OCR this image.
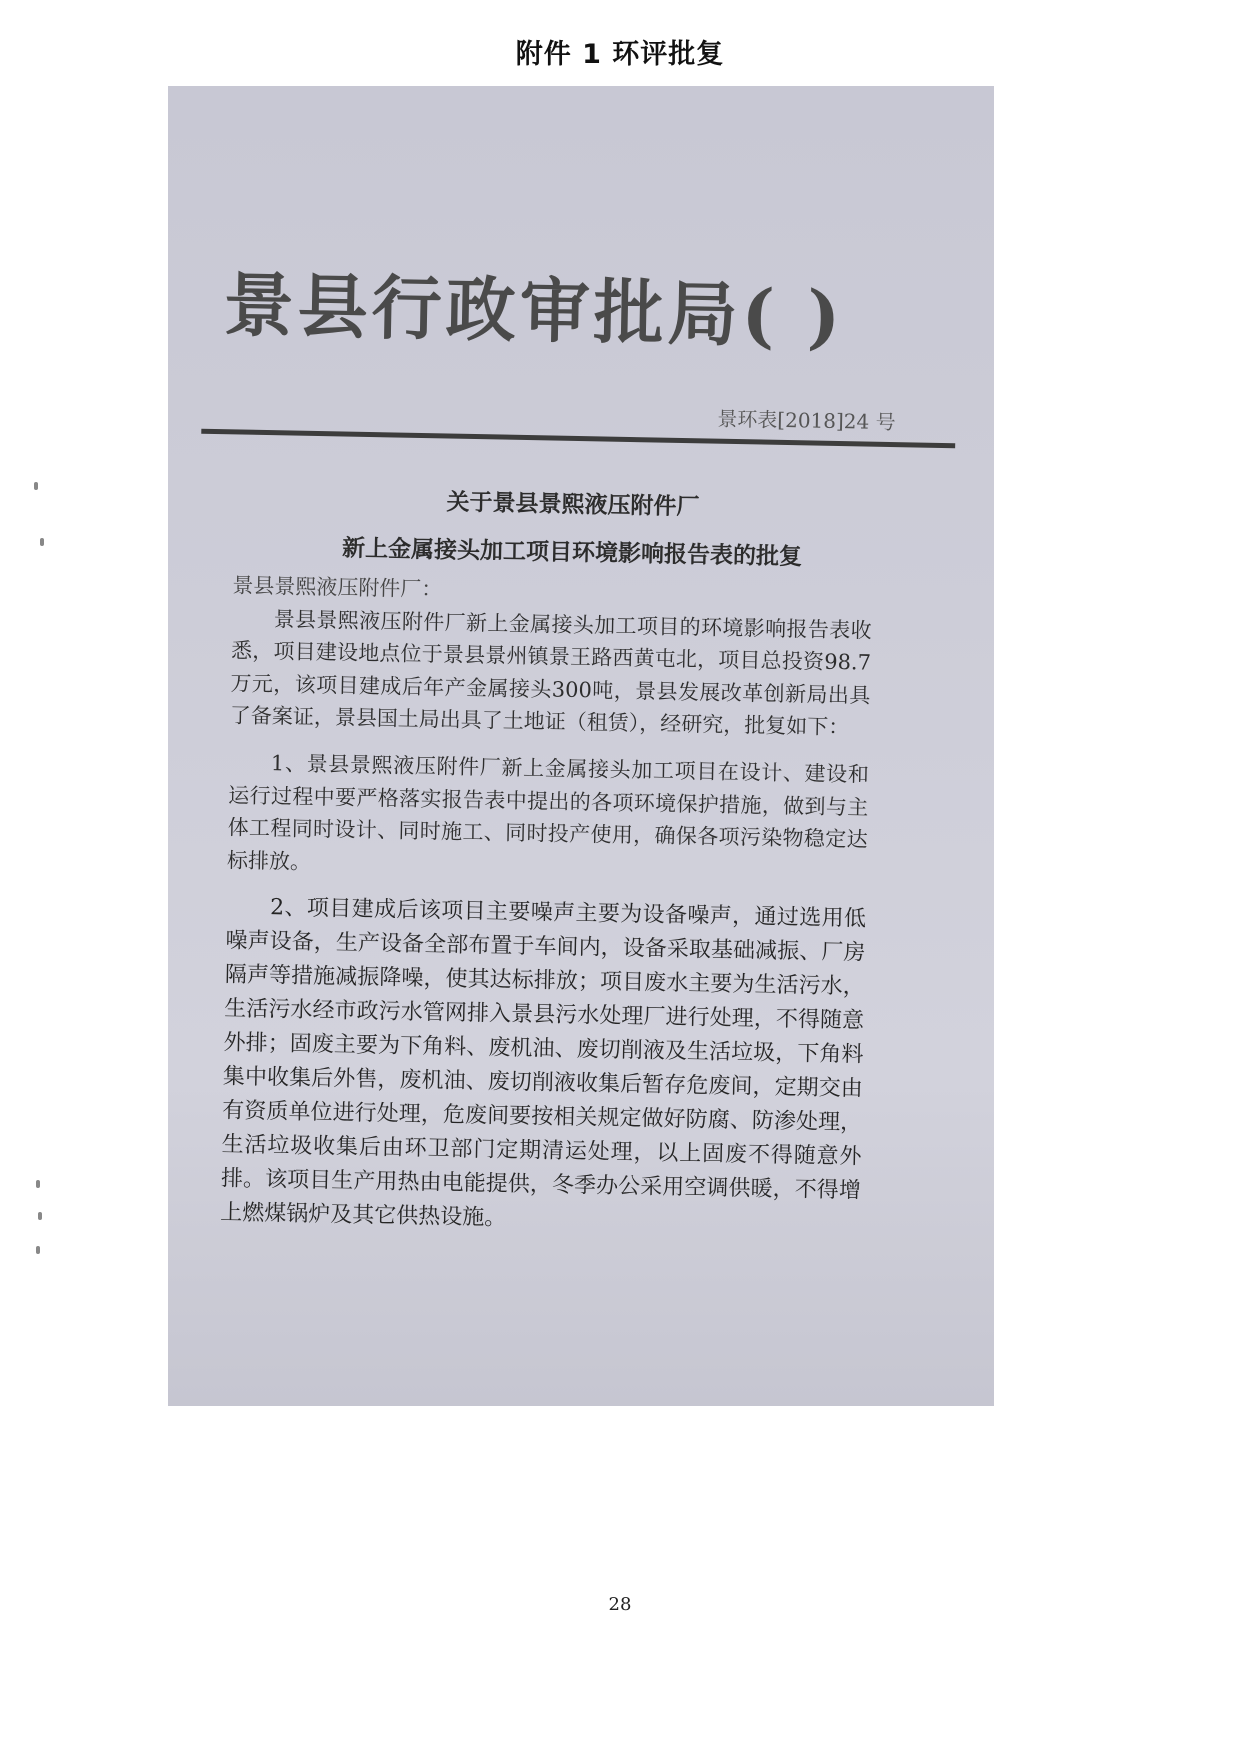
附件 1 环评批复
景县行政审批局( )
景环表[2018]24 号
关于景县景熙液压附件厂
新上金属接头加工项目环境影响报告表的批复

景县景熙液压附件厂：

景县景熙液压附件厂新上金属接头加工项目的环境影响报告表收悉，项目建设地点位于景县景州镇景王路西黄屯北，项目总投资98.7万元，该项目建成后年产金属接头300吨，景县发展改革创新局出具了备案证，景县国土局出具了土地证（租赁），经研究，批复如下：

1、景县景熙液压附件厂新上金属接头加工项目在设计、建设和运行过程中要严格落实报告表中提出的各项环境保护措施，做到与主体工程同时设计、同时施工、同时投产使用，确保各项污染物稳定达标排放。

2、项目建成后该项目主要噪声主要为设备噪声，通过选用低噪声设备，生产设备全部布置于车间内，设备采取基础减振、厂房隔声等措施减振降噪，使其达标排放；项目废水主要为生活污水，生活污水经市政污水管网排入景县污水处理厂进行处理，不得随意外排；固废主要为下角料、废机油、废切削液及生活垃圾，下角料集中收集后外售，废机油、废切削液收集后暂存危废间，定期交由有资质单位进行处理，危废间要按相关规定做好防腐、防渗处理，生活垃圾收集后由环卫部门定期清运处理，以上固废不得随意外排。该项目生产用热由电能提供，冬季办公采用空调供暖，不得增上燃煤锅炉及其它供热设施。

28
